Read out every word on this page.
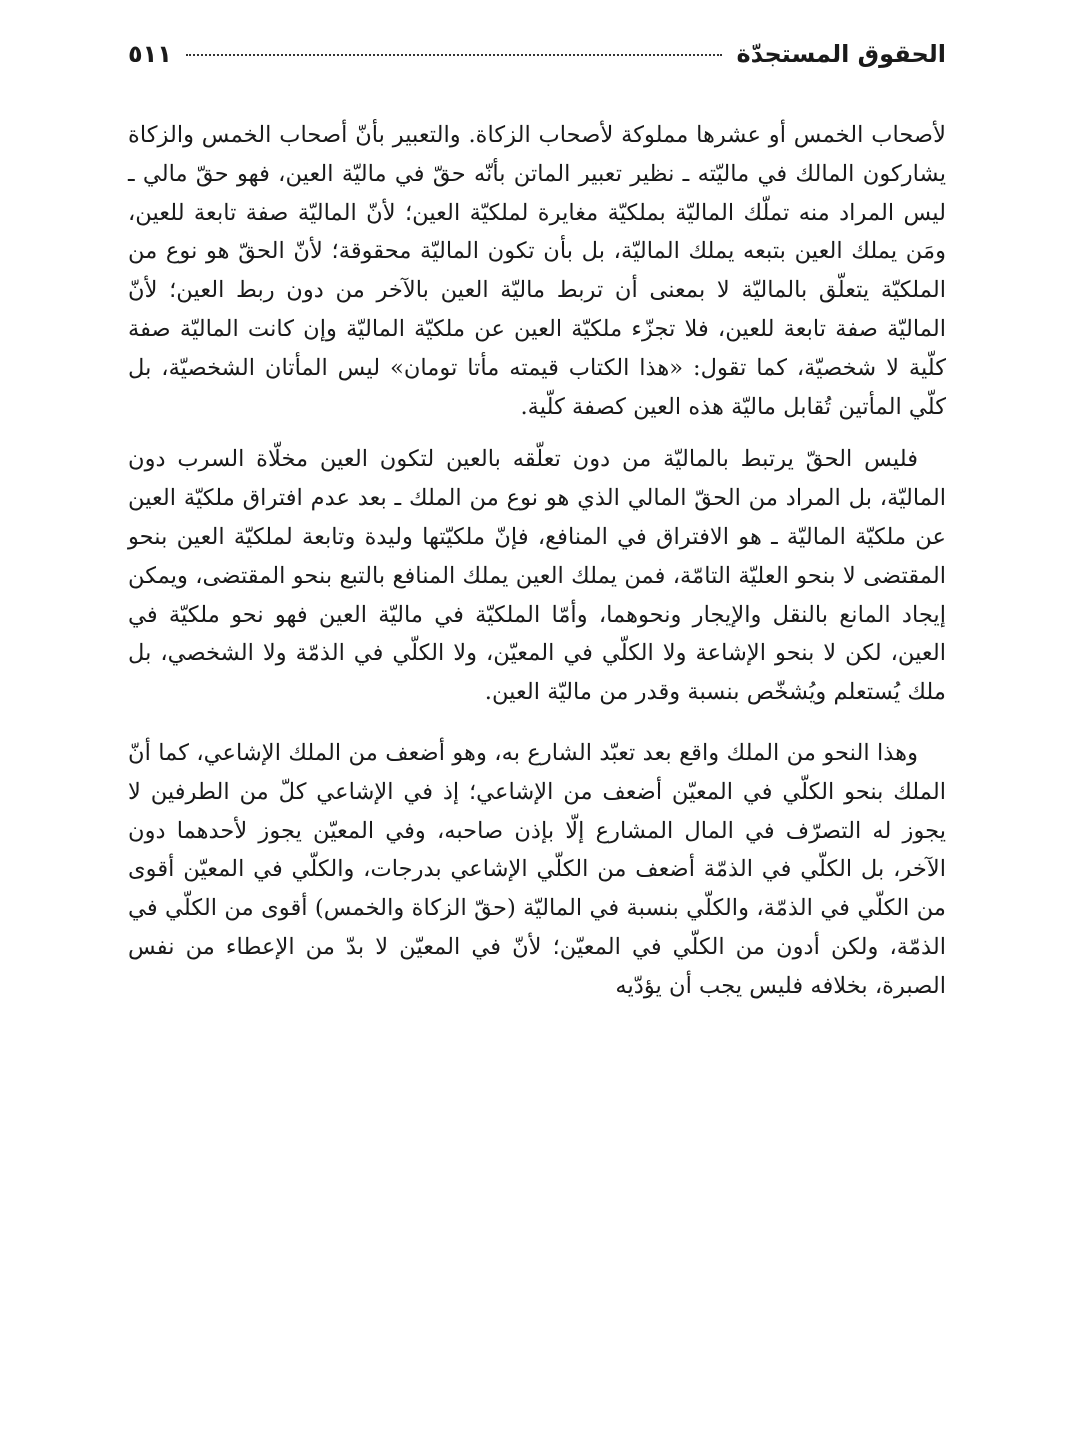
الحقوق المستجدّة
٥١١

لأصحاب الخمس أو عشرها مملوكة لأصحاب الزكاة. والتعبير بأنّ أصحاب الخمس والزكاة يشاركون المالك في ماليّته ـ نظير تعبير الماتن بأنّه حقّ في ماليّة العين، فهو حقّ مالي ـ ليس المراد منه تملّك الماليّة بملكيّة مغايرة لملكيّة العين؛ لأنّ الماليّة صفة تابعة للعين، ومَن يملك العين بتبعه يملك الماليّة، بل بأن تكون الماليّة محقوقة؛ لأنّ الحقّ هو نوع من الملكيّة يتعلّق بالماليّة لا بمعنى أن تربط ماليّة العين بالآخر من دون ربط العين؛ لأنّ الماليّة صفة تابعة للعين، فلا تجزّء ملكيّة العين عن ملكيّة الماليّة وإن كانت الماليّة صفة كلّية لا شخصيّة، كما تقول: «هذا الكتاب قيمته مأتا تومان» ليس المأتان الشخصيّة، بل كلّي المأتين تُقابل ماليّة هذه العين كصفة كلّية.

فليس الحقّ يرتبط بالماليّة من دون تعلّقه بالعين لتكون العين مخلّاة السرب دون الماليّة، بل المراد من الحقّ المالي الذي هو نوع من الملك ـ بعد عدم افتراق ملكيّة العين عن ملكيّة الماليّة ـ هو الافتراق في المنافع، فإنّ ملكيّتها وليدة وتابعة لملكيّة العين بنحو المقتضى لا بنحو العليّة التامّة، فمن يملك العين يملك المنافع بالتبع بنحو المقتضى، ويمكن إيجاد المانع بالنقل والإيجار ونحوهما، وأمّا الملكيّة في ماليّة العين فهو نحو ملكيّة في العين، لكن لا بنحو الإشاعة ولا الكلّي في المعيّن، ولا الكلّي في الذمّة ولا الشخصي، بل ملك يُستعلم ويُشخّص بنسبة وقدر من ماليّة العين.

وهذا النحو من الملك واقع بعد تعبّد الشارع به، وهو أضعف من الملك الإشاعي، كما أنّ الملك بنحو الكلّي في المعيّن أضعف من الإشاعي؛ إذ في الإشاعي كلّ من الطرفين لا يجوز له التصرّف في المال المشارع إلّا بإذن صاحبه، وفي المعيّن يجوز لأحدهما دون الآخر، بل الكلّي في الذمّة أضعف من الكلّي الإشاعي بدرجات، والكلّي في المعيّن أقوى من الكلّي في الذمّة، والكلّي بنسبة في الماليّة (حقّ الزكاة والخمس) أقوى من الكلّي في الذمّة، ولكن أدون من الكلّي في المعيّن؛ لأنّ في المعيّن لا بدّ من الإعطاء من نفس الصبرة، بخلافه فليس يجب أن يؤدّيه
